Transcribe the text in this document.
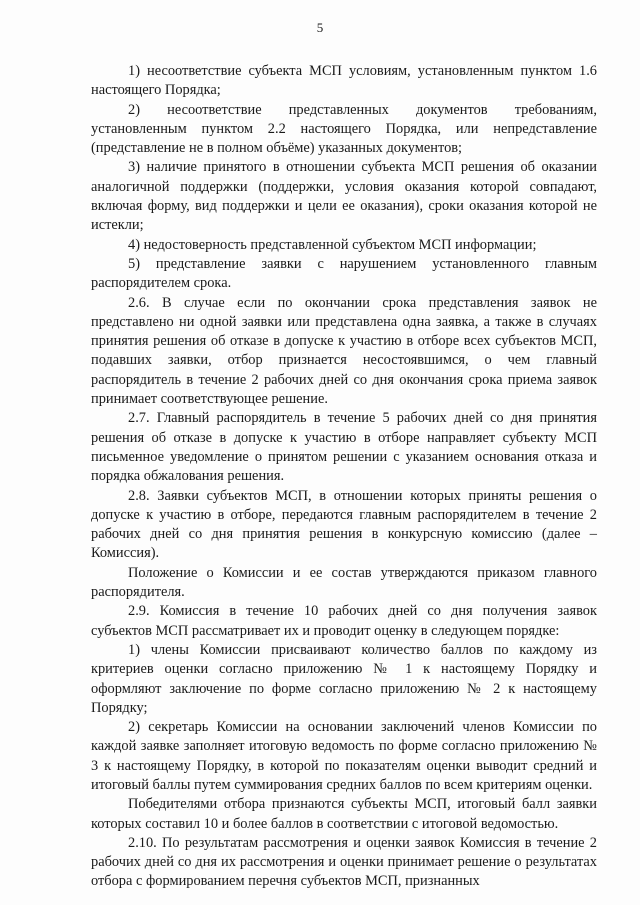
5

1) несоответствие субъекта МСП условиям, установленным пунктом 1.6 настоящего Порядка;

2) несоответствие представленных документов требованиям, установленным пунктом 2.2 настоящего Порядка, или непредставление (представление не в полном объёме) указанных документов;

3) наличие принятого в отношении субъекта МСП решения об оказании аналогичной поддержки (поддержки, условия оказания которой совпадают, включая форму, вид поддержки и цели ее оказания), сроки оказания которой не истекли;

4) недостоверность представленной субъектом МСП информации;

5) представление заявки с нарушением установленного главным распорядителем срока.

2.6. В случае если по окончании срока представления заявок не представлено ни одной заявки или представлена одна заявка, а также в случаях принятия решения об отказе в допуске к участию в отборе всех субъектов МСП, подавших заявки, отбор признается несостоявшимся, о чем главный распорядитель в течение 2 рабочих дней со дня окончания срока приема заявок принимает соответствующее решение.

2.7. Главный распорядитель в течение 5 рабочих дней со дня принятия решения об отказе в допуске к участию в отборе направляет субъекту МСП письменное уведомление о принятом решении с указанием основания отказа и порядка обжалования решения.

2.8. Заявки субъектов МСП, в отношении которых приняты решения о допуске к участию в отборе, передаются главным распорядителем в течение 2 рабочих дней со дня принятия решения в конкурсную комиссию (далее – Комиссия).

Положение о Комиссии и ее состав утверждаются приказом главного распорядителя.

2.9. Комиссия в течение 10 рабочих дней со дня получения заявок субъектов МСП рассматривает их и проводит оценку в следующем порядке:

1) члены Комиссии присваивают количество баллов по каждому из критериев оценки согласно приложению № 1 к настоящему Порядку и оформляют заключение по форме согласно приложению № 2 к настоящему Порядку;

2) секретарь Комиссии на основании заключений членов Комиссии по каждой заявке заполняет итоговую ведомость по форме согласно приложению № 3 к настоящему Порядку, в которой по показателям оценки выводит средний и итоговый баллы путем суммирования средних баллов по всем критериям оценки.

Победителями отбора признаются субъекты МСП, итоговый балл заявки которых составил 10 и более баллов в соответствии с итоговой ведомостью.

2.10. По результатам рассмотрения и оценки заявок Комиссия в течение 2 рабочих дней со дня их рассмотрения и оценки принимает решение о результатах отбора с формированием перечня субъектов МСП, признанных
